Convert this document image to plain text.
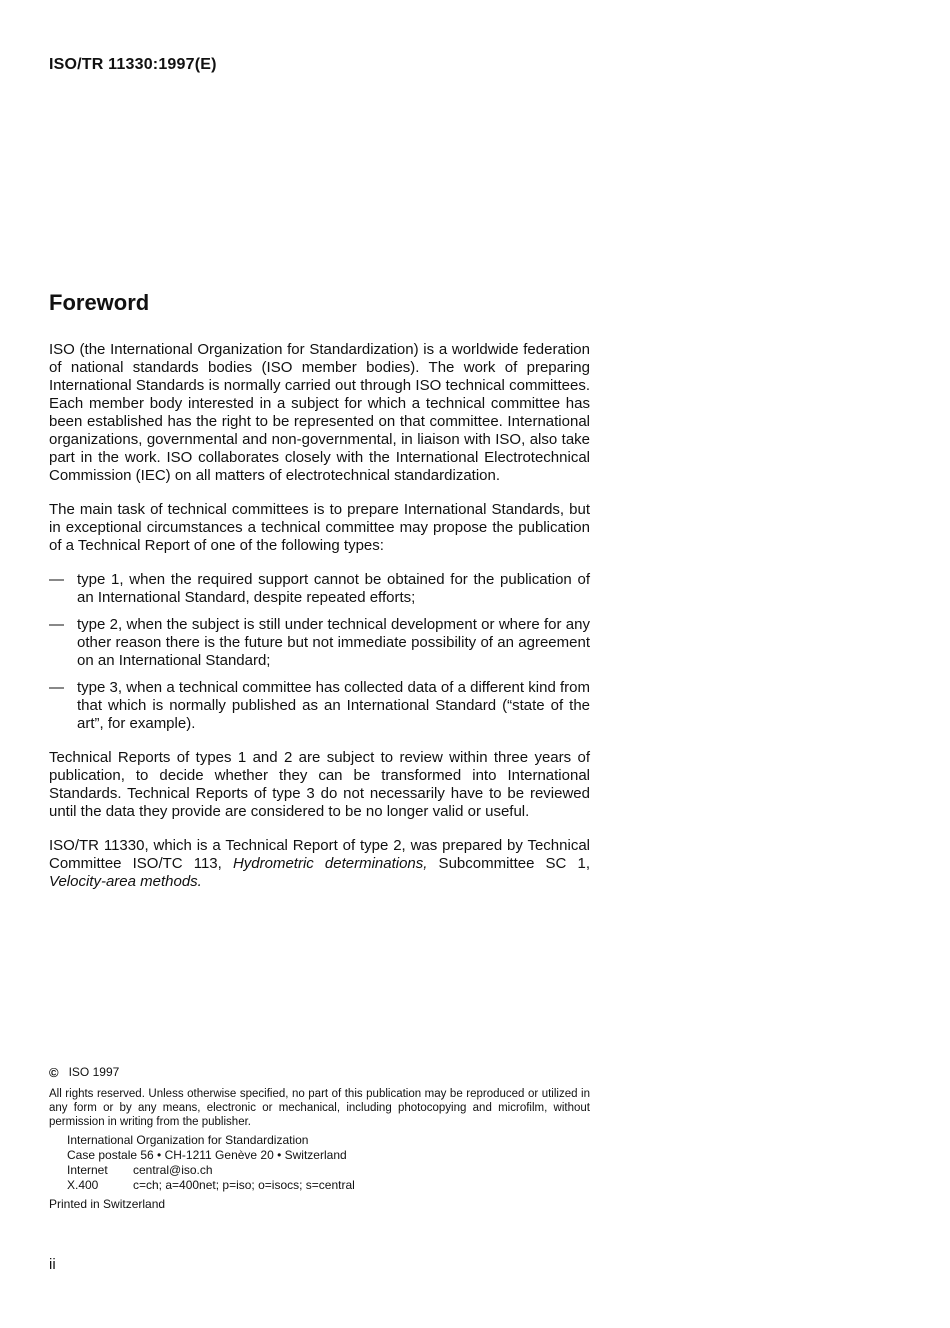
ISO/TR 11330:1997(E)

Foreword

ISO (the International Organization for Standardization) is a worldwide federation of national standards bodies (ISO member bodies). The work of preparing International Standards is normally carried out through ISO technical committees. Each member body interested in a subject for which a technical committee has been established has the right to be represented on that committee. International organizations, governmental and non-governmental, in liaison with ISO, also take part in the work. ISO collaborates closely with the International Electrotechnical Commission (IEC) on all matters of electrotechnical standardization.

The main task of technical committees is to prepare International Standards, but in exceptional circumstances a technical committee may propose the publication of a Technical Report of one of the following types:

— type 1, when the required support cannot be obtained for the publication of an International Standard, despite repeated efforts;
— type 2, when the subject is still under technical development or where for any other reason there is the future but not immediate possibility of an agreement on an International Standard;
— type 3, when a technical committee has collected data of a different kind from that which is normally published as an International Standard (“state of the art”, for example).

Technical Reports of types 1 and 2 are subject to review within three years of publication, to decide whether they can be transformed into International Standards. Technical Reports of type 3 do not necessarily have to be reviewed until the data they provide are considered to be no longer valid or useful.

ISO/TR 11330, which is a Technical Report of type 2, was prepared by Technical Committee ISO/TC 113, Hydrometric determinations, Subcommittee SC 1, Velocity-area methods.

© ISO 1997

All rights reserved. Unless otherwise specified, no part of this publication may be reproduced or utilized in any form or by any means, electronic or mechanical, including photocopying and microfilm, without permission in writing from the publisher.

International Organization for Standardization
Case postale 56 • CH-1211 Genève 20 • Switzerland
Internet	central@iso.ch
X.400	c=ch; a=400net; p=iso; o=isocs; s=central

Printed in Switzerland

ii
